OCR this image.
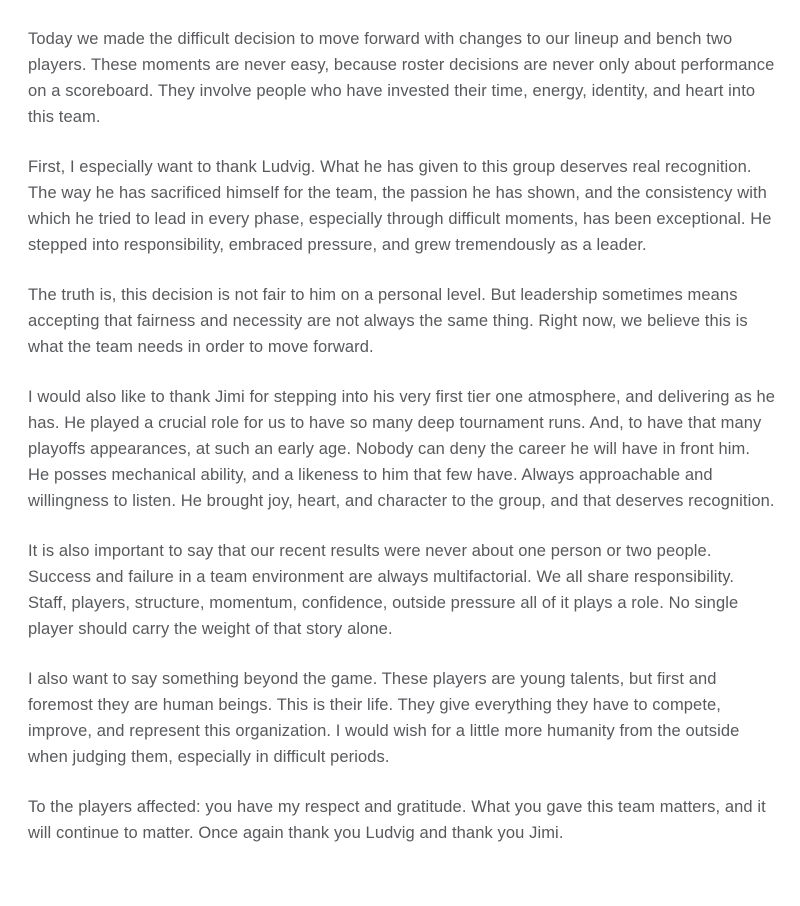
Today we made the difficult decision to move forward with changes to our lineup and bench two players. These moments are never easy, because roster decisions are never only about performance on a scoreboard. They involve people who have invested their time, energy, identity, and heart into this team.

First, I especially want to thank Ludvig. What he has given to this group deserves real recognition. The way he has sacrificed himself for the team, the passion he has shown, and the consistency with which he tried to lead in every phase, especially through difficult moments, has been exceptional. He stepped into responsibility, embraced pressure, and grew tremendously as a leader.

The truth is, this decision is not fair to him on a personal level. But leadership sometimes means accepting that fairness and necessity are not always the same thing. Right now, we believe this is what the team needs in order to move forward.

I would also like to thank Jimi for stepping into his very first tier one atmosphere, and delivering as he has. He played a crucial role for us to have so many deep tournament runs. And, to have that many playoffs appearances, at such an early age. Nobody can deny the career he will have in front him. He posses mechanical ability, and a likeness to him that few have. Always approachable and willingness to listen. He brought joy, heart, and character to the group, and that deserves recognition.

It is also important to say that our recent results were never about one person or two people. Success and failure in a team environment are always multifactorial. We all share responsibility. Staff, players, structure, momentum, confidence, outside pressure all of it plays a role. No single player should carry the weight of that story alone.

I also want to say something beyond the game. These players are young talents, but first and foremost they are human beings. This is their life. They give everything they have to compete, improve, and represent this organization. I would wish for a little more humanity from the outside when judging them, especially in difficult periods.

To the players affected: you have my respect and gratitude. What you gave this team matters, and it will continue to matter. Once again thank you Ludvig and thank you Jimi.
